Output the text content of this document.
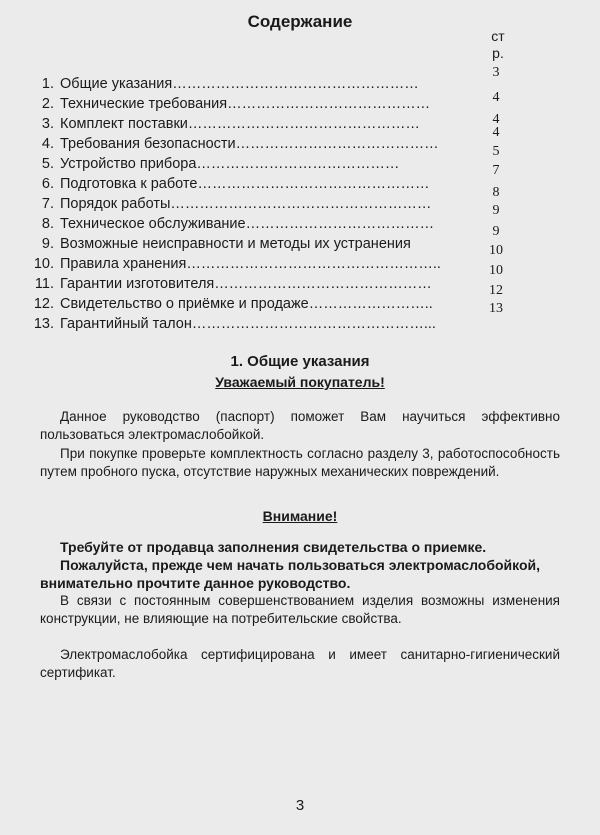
Содержание
ст
р.
1. Общие указания……………………………………………
3
2. Технические требования……………………………………	4
3. Комплект поставки…………………………………………	4
4. Требования безопасности……………………………………
4
5. Устройство прибора……………………………………
5
6. Подготовка к работе…………………………………………
7
7. Порядок работы………………………………………………
8
8. Техническое обслуживание…………………………………
9
9. Возможные неисправности и методы их устранения
9
10. Правила хранения……………………………………………..
10
11. Гарантии изготовителя………………………………………
10
12. Свидетельство о приёмке и продаже……………………..
12
13. Гарантийный талон…………………………………………...
13
1. Общие указания
Уважаемый покупатель!
Данное руководство (паспорт) поможет Вам научиться эффективно пользоваться электромаслобойкой.
При покупке проверьте комплектность согласно разделу 3, работоспособность путем пробного пуска, отсутствие наружных механических повреждений.
Внимание!
Требуйте от продавца заполнения свидетельства о приемке.
Пожалуйста, прежде чем начать пользоваться электромаслобойкой, внимательно прочтите данное руководство.
В связи с постоянным совершенствованием изделия возможны изменения конструкции, не влияющие на потребительские свойства.
Электромаслобойка сертифицирована и имеет санитарно-гигиенический сертификат.
3
